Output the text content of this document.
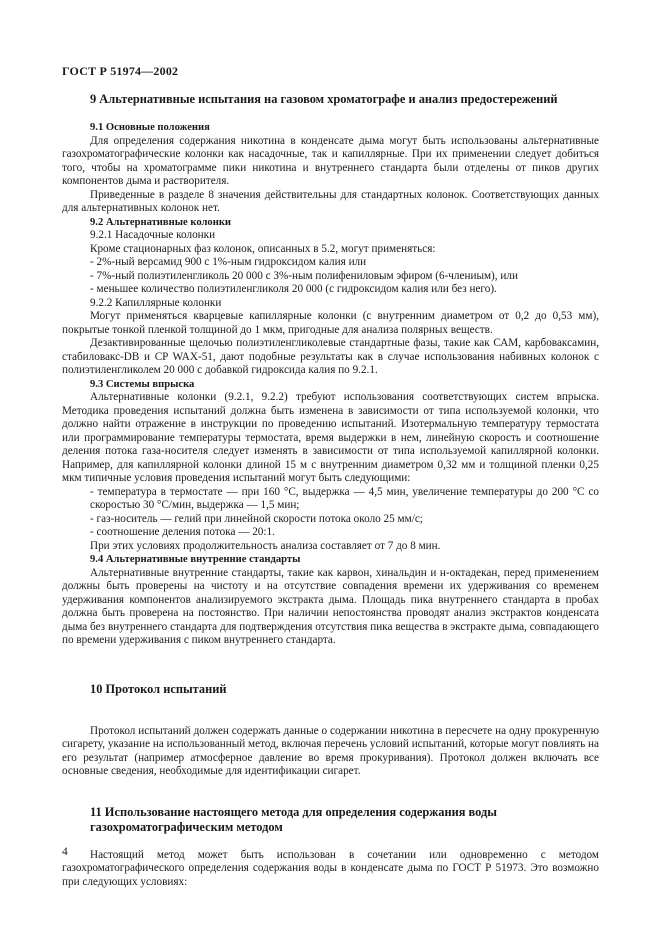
ГОСТ Р 51974—2002
9 Альтернативные испытания на газовом хроматографе и анализ предостережений
9.1 Основные положения

Для определения содержания никотина в конденсате дыма могут быть использованы альтернативные газохроматографические колонки как насадочные, так и капиллярные. При их применении следует добиться того, чтобы на хроматограмме пики никотина и внутреннего стандарта были отделены от пиков других компонентов дыма и растворителя.

Приведенные в разделе 8 значения действительны для стандартных колонок. Соответствующих данных для альтернативных колонок нет.

9.2 Альтернативные колонки

9.2.1 Насадочные колонки

Кроме стационарных фаз колонок, описанных в 5.2, могут применяться:

- 2%-ный версамид 900 с 1%-ным гидроксидом калия или

- 7%-ный полиэтиленгликоль 20 000 с 3%-ным полифениловым эфиром (6-члениым), или

- меньшее количество полиэтиленгликоля 20 000 (с гидроксидом калия или без него).

9.2.2 Капиллярные колонки

Могут применяться кварцевые капиллярные колонки (с внутренним диаметром от 0,2 до 0,53 мм), покрытые тонкой пленкой толщиной до 1 мкм, пригодные для анализа полярных веществ.

Дезактивированные щелочью полиэтиленгликолевые стандартные фазы, такие как САМ, карбоваксамин, стабиловакс-DB и CP WAX-51, дают подобные результаты как в случае использования набивных колонок с полиэтиленгликолем 20 000 с добавкой гидроксида калия по 9.2.1.

9.3 Системы впрыска

Альтернативные колонки (9.2.1, 9.2.2) требуют использования соответствующих систем впрыска. Методика проведения испытаний должна быть изменена в зависимости от типа используемой колонки, что должно найти отражение в инструкции по проведению испытаний. Изотермальную температуру термостата или программирование температуры термостата, время выдержки в нем, линейную скорость и соотношение деления потока газа-носителя следует изменять в зависимости от типа используемой капиллярной колонки. Например, для капиллярной колонки длиной 15 м с внутренним диаметром 0,32 мм и толщиной пленки 0,25 мкм типичные условия проведения испытаний могут быть следующими:

- температура в термостате — при 160 °С, выдержка — 4,5 мин, увеличение температуры до 200 °С со скоростью 30 °С/мин, выдержка — 1,5 мин;

- газ-носитель — гелий при линейной скорости потока около 25 мм/с;

- соотношение деления потока — 20:1.

При этих условиях продолжительность анализа составляет от 7 до 8 мин.

9.4 Альтернативные внутренние стандарты

Альтернативные внутренние стандарты, такие как карвон, хинальдин и н-октадекан, перед применением должны быть проверены на чистоту и на отсутствие совпадения времени их удерживания со временем удерживания компонентов анализируемого экстракта дыма. Площадь пика внутреннего стандарта в пробах должна быть проверена на постоянство. При наличии непостоянства проводят анализ экстрактов конденсата дыма без внутреннего стандарта для подтверждения отсутствия пика вещества в экстракте дыма, совпадающего по времени удерживания с пиком внутреннего стандарта.

10 Протокол испытаний

Протокол испытаний должен содержать данные о содержании никотина в пересчете на одну прокуренную сигарету, указание на использованный метод, включая перечень условий испытаний, которые могут повлиять на его результат (например атмосферное давление во время прокуривания). Протокол должен включать все основные сведения, необходимые для идентификации сигарет.

11 Использование настоящего метода для определения содержания воды газохроматографическим методом

Настоящий метод может быть использован в сочетании или одновременно с методом газохроматографического определения содержания воды в конденсате дыма по ГОСТ Р 51973. Это возможно при следующих условиях:

4
